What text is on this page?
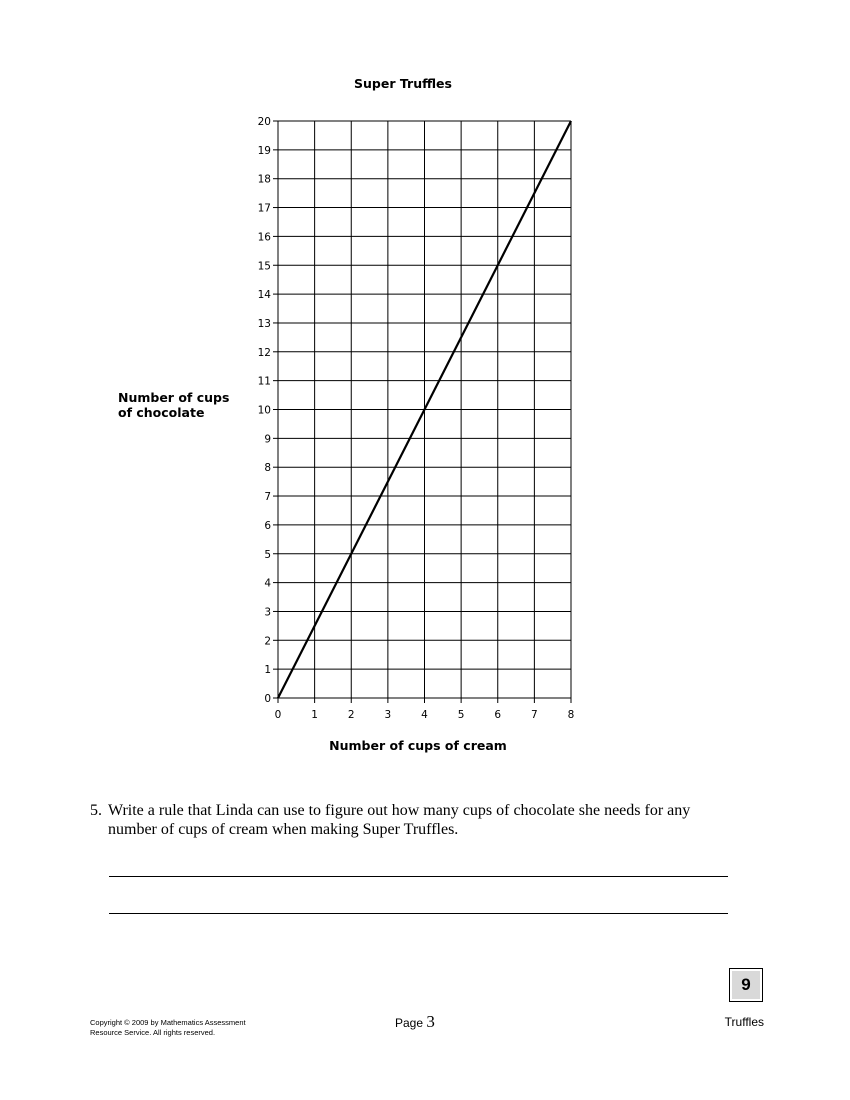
Super Truffles
0	1	2	3	4	5	6	7	8
0
1
2
3
4
5
6
7
8
9
10
11
12
13
14
15
16
17
18
19
20
Number of cups
of chocolate
Number of cups of cream
5. Write a rule that Linda can use to figure out how many cups of chocolate she needs for any
number of cups of cream when making Super Truffles.
9
Copyright © 2009 by Mathematics Assessment
Resource Service. All rights reserved.
Page 3	Truffles
